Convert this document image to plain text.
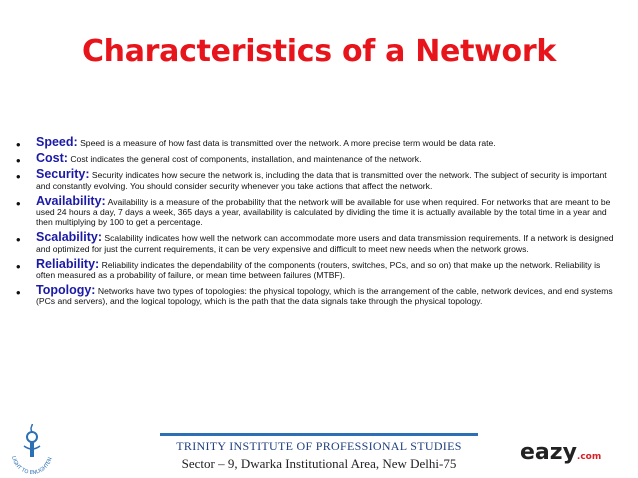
Characteristics of a Network
• Speed: Speed is a measure of how fast data is transmitted over the network. A more precise term would be data rate.
• Cost: Cost indicates the general cost of components, installation, and maintenance of the network.
• Security: Security indicates how secure the network is, including the data that is transmitted over the network. The subject of security is important and constantly evolving. You should consider security whenever you take actions that affect the network.
• Availability: Availability is a measure of the probability that the network will be available for use when required. For networks that are meant to be used 24 hours a day, 7 days a week, 365 days a year, availability is calculated by dividing the time it is actually available by the total time in a year and then multiplying by 100 to get a percentage.
• Scalability: Scalability indicates how well the network can accommodate more users and data transmission requirements. If a network is designed and optimized for just the current requirements, it can be very expensive and difficult to meet new needs when the network grows.
• Reliability: Reliability indicates the dependability of the components (routers, switches, PCs, and so on) that make up the network. Reliability is often measured as a probability of failure, or mean time between failures (MTBF).
• Topology: Networks have two types of topologies: the physical topology, which is the arrangement of the cable, network devices, and end systems (PCs and servers), and the logical topology, which is the path that the data signals take through the physical topology.
LIGHT TO ENLIGHTEN
TRINITY INSTITUTE OF PROFESSIONAL STUDIES
Sector – 9, Dwarka Institutional Area, New Delhi-75	eazy.com
